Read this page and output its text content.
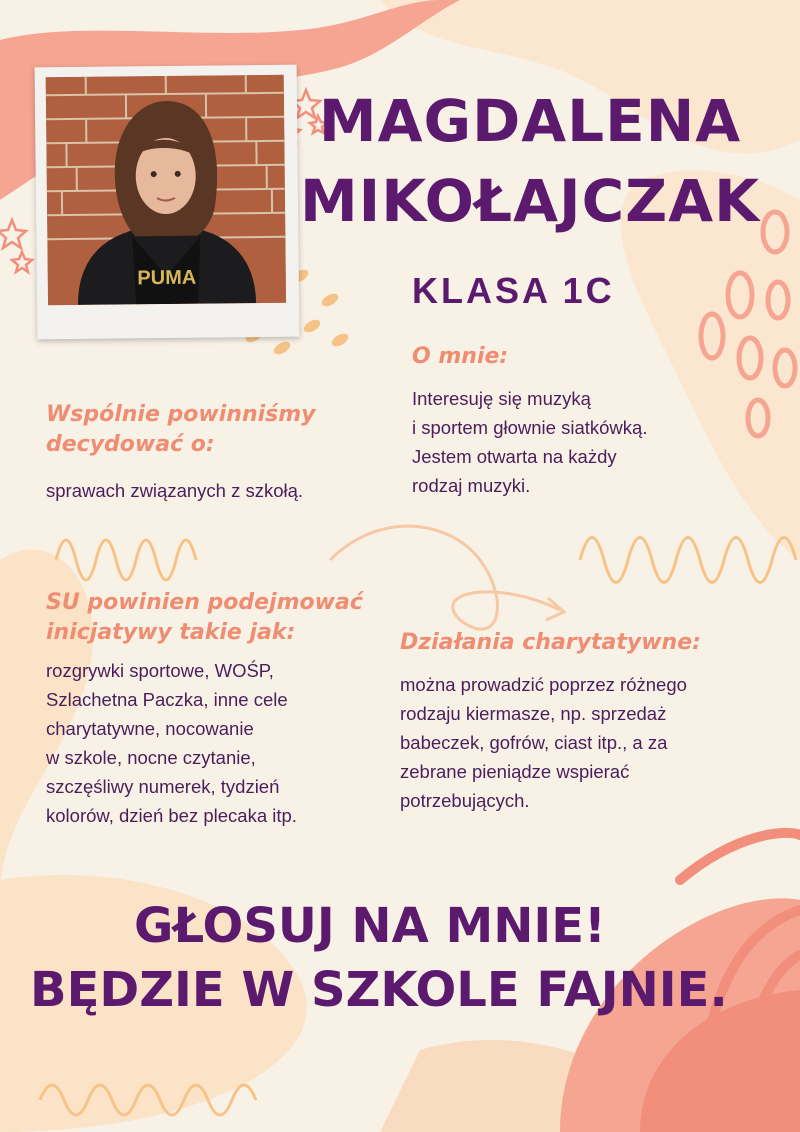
PUMA
MAGDALENA
MIKOŁAJCZAK

KLASA 1C

O mnie:
Interesuję się muzyką
i sportem głownie siatkówką.
Jestem otwarta na każdy
rodzaj muzyki.
Wspólnie powinniśmy
decydować o:
sprawach związanych z szkołą.
SU powinien podejmować
inicjatywy takie jak:
rozgrywki sportowe, WOŚP,
Szlachetna Paczka, inne cele
charytatywne, nocowanie
w szkole, nocne czytanie,
szczęśliwy numerek, tydzień
kolorów, dzień bez plecaka itp.
Działania charytatywne:
można prowadzić poprzez różnego
rodzaju kiermasze, np. sprzedaż
babeczek, gofrów, ciast itp., a za
zebrane pieniądze wspierać
potrzebujących.

GŁOSUJ NA MNIE!

BĘDZIE W SZKOLE FAJNIE.
